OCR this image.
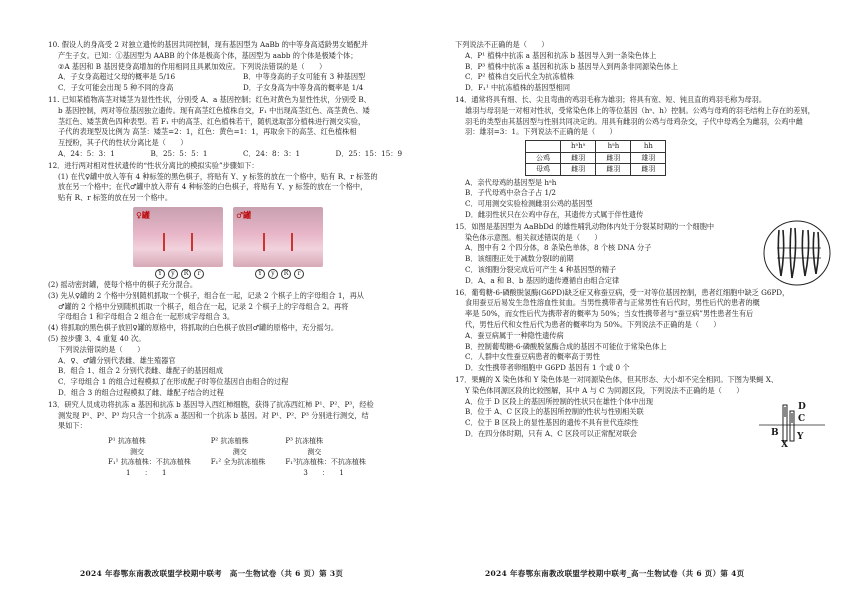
10. 假设人的身高受 2 对独立遗传的基因共同控制，现有基因型为 AaBb 的中等身高适龄男女婚配并

产生子女。已知：①基因型为 AABB 的个体是极高个体，基因型为 aabb 的个体是极矮个体；

②A 基因和 B 基因使身高增加的作用相同且具累加效应。下列说法错误的是（　　）

A．子女身高超过父母的概率是 5/16	B．中等身高的子女可能有 3 种基因型
C．子女可能会出现 5 种不同的身高	D．子女身高为中等身高的概率是 1/4

11. 已知某植物高茎对矮茎为显性性状，分别受 A、a 基因控制；红色对黄色为显性性状，分别受 B、

b 基因控制，两对等位基因独立遗传。现有高茎红色植株自交，F₁ 中出现高茎红色、高茎黄色、矮

茎红色、矮茎黄色四种表型。若 F₁ 中的高茎、红色植株若干，随机选取部分植株进行测交实验，

子代的表现型及比例为 高茎：矮茎=2：1，红色：黄色=1：1，再取余下的高茎、红色植株相

互授粉，其子代的性状分离比是（　　）

A．24：5：3：1	B．25：5：5：1	C．24：8：3：1	D．25：15：15：9

12．进行两对相对性状遗传的“性状分离比的模拟实验”步骤如下：

(1) 在代♀罐中放入等有 4 种标签的黑色棋子，将贴有 Y、y 标签的放在一个格中，贴有 R、r 标签的

放在另一个格中；在代♂罐中放入带有 4 种标签的白色棋子，将贴有 Y、y 标签的放在一个格中，

贴有 R、r 标签的放在另一个格中。

♀罐
Y	y	R	r
♂罐
Y	y	R	r

(2) 摇动密封罐，使每个格中的棋子充分混合。

(3) 先从♀罐的 2 个格中分别随机抓取一个棋子，组合在一起，记录 2 个棋子上的字母组合 1，再从

♂罐的 2 个格中分别随机抓取一个棋子，组合在一起，记录 2 个棋子上的字母组合 2。再将

字母组合 1 和字母组合 2 组合在一起形成字母组合 3。

(4) 将抓取的黑色棋子放回♀罐的原格中，将抓取的白色棋子放回♂罐的原格中，充分摇匀。

(5) 按步骤 3、4 重复 40 次。

下列说法错误的是（　　）

A．♀、♂罐分别代表雌、雄生殖器官

B．组合 1、组合 2 分别代表雌、雄配子的基因组成

C．字母组合 1 的组合过程模拟了在形成配子时等位基因自由组合的过程

D．组合 3 的组合过程模拟了雌、雄配子结合的过程

13．研究人员成功将抗冻 a 基因和抗冻 b 基因导入西红柿细胞，获得了抗冻西红柿 P¹、P²、P³，经检

测发现 P¹、P²、P³ 均只含一个抗冻 a 基因和一个抗冻 b 基因。对 P¹、P²、P³ 分别进行测交，结

果如下：

P¹ 抗冻植株

测交

F₁¹ 抗冻植株：不抗冻植株

1　　：　　1

P² 抗冻植株

测交

F₁² 全为抗冻植株

P³ 抗冻植株

测交

F₁³抗冻植株：不抗冻植株

3　　：　　1

下列说法不正确的是（　　）

A．P¹ 植株中抗冻 a 基因和抗冻 b 基因导入到一条染色体上

B．P³ 植株中抗冻 a 基因和抗冻 b 基因导入到两条非同源染色体上

C．P² 植株自交后代全为抗冻植株

D．F₁¹ 中抗冻植株的基因型相同

14．通常将具有细、长、尖且弯曲的鸡羽毛称为雄羽；将具有宽、短、钝且直的鸡羽毛称为母羽。

雄羽与母羽是一对相对性状，受常染色体上的等位基因（hᵃ、h）控制。公鸡与母鸡的羽毛结构上存在的差别，

羽毛的类型由其基因型与性别共同决定的。用具有雌羽的公鸡与母鸡杂交，子代中母鸡全为雌羽，公鸡中雌

羽：雄羽=3：1。下列说法不正确的是（　　）

	hᵃhᵃ	hᵃh	hh
公鸡	雌羽	雌羽	雄羽
母鸡	雌羽	雌羽	雌羽

A．亲代母鸡的基因型是 hᵃh

B．子代母鸡中杂合子占 1/2

C．可用测交实验检测雌羽公鸡的基因型

D．雌羽性状只在公鸡中存在，其遗传方式属于伴性遗传

15．如图是基因型为 AaBbDd 的雄性哺乳动物体内处于分裂某时期的一个细胞中

染色体示意图。相关叙述错误的是（　　）

A．图中有 2 个四分体，8 条染色单体，8 个核 DNA 分子

B．该细胞正处于减数分裂I的前期

C．该细胞分裂完成后可产生 4 种基因型的精子

D．A、a 和 B、b 基因的遗传遵循自由组合定律

16．葡萄糖-6-磷酸脱氢酶(G6PD)缺乏症又称蚕豆病，受一对等位基因控制，患者红细胞中缺乏 G6PD，

食用蚕豆后易发生急性溶血性贫血。当男性携带者与正常男性有后代时，男性后代的患者的概

率是 50%，而女性后代为携带者的概率为 50%；当女性携带者与“蚕豆病”男性患者生有后

代，男性后代和女性后代为患者的概率均为 50%。下列说法不正确的是（　　）

A．蚕豆病属于一种隐性遗传病

B．控制葡萄糖-6-磷酸脱氢酶合成的基因不可能位于常染色体上

C．人群中女性蚕豆病患者的概率高于男性

D．女性携带者卵细胞中 G6PD 基因有 1 个或 0 个

17．果蝇的 X 染色体和 Y 染色体是一对同源染色体，但其形态、大小却不完全相同。下图为果蝇 X、

Y 染色体同源区段的比较图解，其中 A 与 C 为同源区段，下列说法不正确的是（　　）

A．位于 D 区段上的基因所控制的性状只在雄性个体中出现

B．位于 A、C 区段上的基因所控制的性状与性别相关联

C．位于 B 区段上的显性基因的遗传不具有世代连续性

D．在四分体时期，只有 A、C 区段可以正常配对联会	B
X
Y
D
C
2024 年春鄂东南教改联盟学校期中联考　高一生物试卷（共 6 页）第 3页	2024 年春鄂东南教改联盟学校期中联考_高一生物试卷（共 6 页）第 4页
